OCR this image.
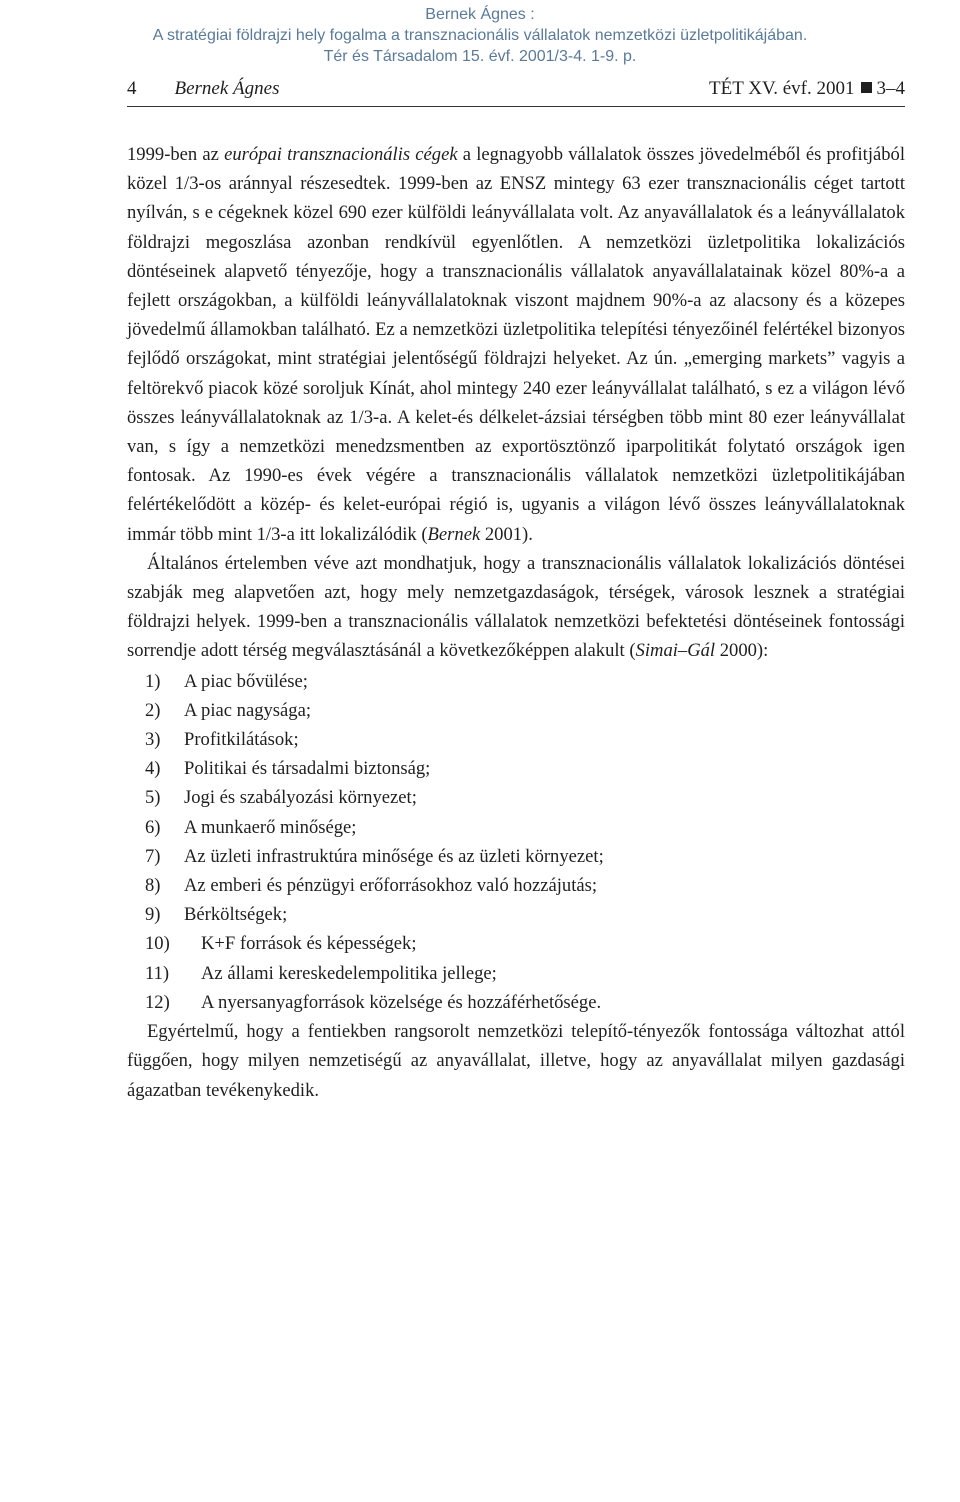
Bernek Ágnes :
A stratégiai földrajzi hely fogalma a transznacionális vállalatok nemzetközi üzletpolitikájában.
Tér és Társadalom 15. évf. 2001/3-4. 1-9. p.
4 Bernek Ágnes	TÉT XV. évf. 2001 3–4

1999-ben az európai transznacionális cégek a legnagyobb vállalatok összes jövedelméből és profitjából közel 1/3-os aránnyal részesedtek. 1999-ben az ENSZ mintegy 63 ezer transznacionális céget tartott nyílván, s e cégeknek közel 690 ezer külföldi leányvállalata volt. Az anyavállalatok és a leányvállalatok földrajzi megoszlása azonban rendkívül egyenlőtlen. A nemzetközi üzletpolitika lokalizációs döntéseinek alapvető tényezője, hogy a transznacionális vállalatok anyavállalatainak közel 80%-a a fejlett országokban, a külföldi leányvállalatoknak viszont majdnem 90%-a az alacsony és a közepes jövedelmű államokban található. Ez a nemzetközi üzletpolitika telepítési tényezőinél felértékel bizonyos fejlődő országokat, mint stratégiai jelentőségű földrajzi helyeket. Az ún. „emerging markets” vagyis a feltörekvő piacok közé soroljuk Kínát, ahol mintegy 240 ezer leányvállalat található, s ez a világon lévő összes leányvállalatoknak az 1/3-a. A kelet-és délkelet-ázsiai térségben több mint 80 ezer leányvállalat van, s így a nemzetközi menedzsmentben az exportösztönző iparpolitikát folytató országok igen fontosak. Az 1990-es évek végére a transznacionális vállalatok nemzetközi üzletpolitikájában felértékelődött a közép- és kelet-európai régió is, ugyanis a világon lévő összes leányvállalatoknak immár több mint 1/3-a itt lokalizálódik (Bernek 2001).

Általános értelemben véve azt mondhatjuk, hogy a transznacionális vállalatok lokalizációs döntései szabják meg alapvetően azt, hogy mely nemzetgazdaságok, térségek, városok lesznek a stratégiai földrajzi helyek. 1999-ben a transznacionális vállalatok nemzetközi befektetési döntéseinek fontossági sorrendje adott térség megválasztásánál a következőképpen alakult (Simai–Gál 2000):

1) A piac bővülése;
2) A piac nagysága;
3) Profitkilátások;
4) Politikai és társadalmi biztonság;
5) Jogi és szabályozási környezet;
6) A munkaerő minősége;
7) Az üzleti infrastruktúra minősége és az üzleti környezet;
8) Az emberi és pénzügyi erőforrásokhoz való hozzájutás;
9) Bérköltségek;
10) K+F források és képességek;
11) Az állami kereskedelempolitika jellege;
12) A nyersanyagforrások közelsége és hozzáférhetősége.

Egyértelmű, hogy a fentiekben rangsorolt nemzetközi telepítő-tényezők fontossága változhat attól függően, hogy milyen nemzetiségű az anyavállalat, illetve, hogy az anyavállalat milyen gazdasági ágazatban tevékenykedik.
